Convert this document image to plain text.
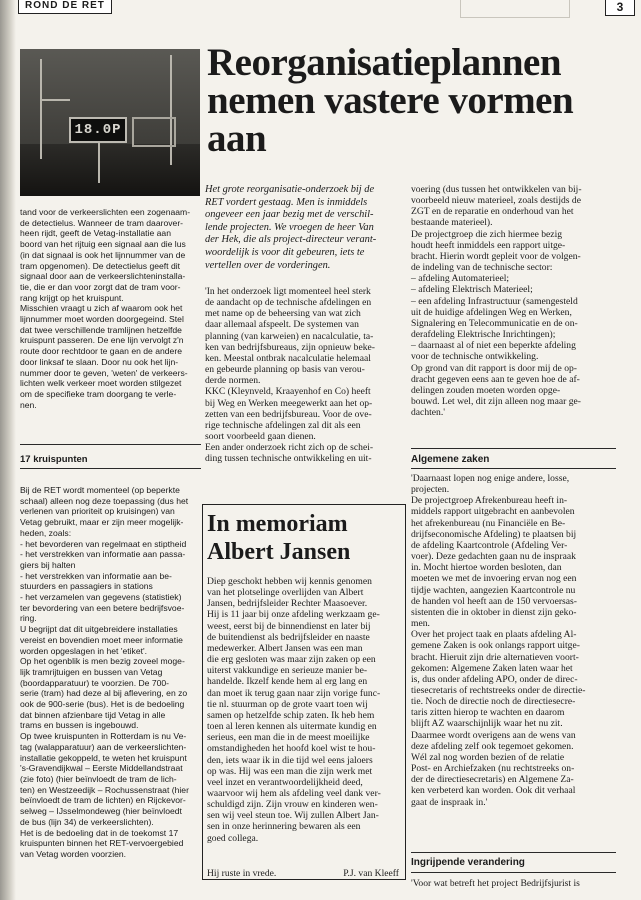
ROND DE RET	3
18.0P
Reorganisatieplannen nemen vastere vormen aan
tand voor de verkeerslichten een zogenaam-
de detectielus. Wanneer de tram daarover-
heen rijdt, geeft de Vetag-installatie aan
boord van het rijtuig een signaal aan die lus
(in dat signaal is ook het lijnnummer van de
tram opgenomen). De detectielus geeft dit
signaal door aan de verkeerslichteninstalla-
tie, die er dan voor zorgt dat de tram voor-
rang krijgt op het kruispunt.
Misschien vraagt u zich af waarom ook het
lijnnummer moet worden doorgegeind. Stel
dat twee verschillende tramlijnen hetzelfde
kruispunt passeren. De ene lijn vervolgt z'n
route door rechtdoor te gaan en de andere
door linksaf te slaan. Door nu ook het lijn-
nummer door te geven, 'weten' de verkeers-
lichten welk verkeer moet worden stilgezet
om de specifieke tram doorgang te verle-
nen.
17 kruispunten
Bij de RET wordt momenteel (op beperkte
schaal) alleen nog deze toepassing (dus het
verlenen van prioriteit op kruisingen) van
Vetag gebruikt, maar er zijn meer mogelijk-
heden, zoals:
- het bevorderen van regelmaat en stiptheid
- het verstrekken van informatie aan passa-
giers bij halten
- het verstrekken van informatie aan be-
stuurders en passagiers in stations
- het verzamelen van gegevens (statistiek)
ter bevordering van een betere bedrijfsvoe-
ring.
U begrijpt dat dit uitgebreidere installaties
vereist en bovendien moet meer informatie
worden opgeslagen in het 'etiket'.
Op het ogenblik is men bezig zoveel moge-
lijk tramrijtuigen en bussen van Vetag
(boordapparatuur) te voorzien. De 700-
serie (tram) had deze al bij aflevering, en zo
ook de 900-serie (bus). Het is de bedoeling
dat binnen afzienbare tijd Vetag in alle
trams en bussen is ingebouwd.
Op twee kruispunten in Rotterdam is nu Ve-
tag (walapparatuur) aan de verkeerslichten-
installatie gekoppeld, te weten het kruispunt
's-Gravendijkwal – Eerste Middellandstraat
(zie foto) (hier beïnvloedt de tram de lich-
ten) en Westzeedijk – Rochussenstraat (hier
beïnvloedt de tram de lichten) en Rijckevor-
selweg – IJsselmondeweg (hier beïnvloedt
de bus (lijn 34) de verkeerslichten).
Het is de bedoeling dat in de toekomst 17
kruispunten binnen het RET-vervoergebied
van Vetag worden voorzien.
Het grote reorganisatie-onderzoek bij de
RET vordert gestaag. Men is inmiddels
ongeveer een jaar bezig met de verschil-
lende projecten. We vroegen de heer Van
der Hek, die als project-directeur verant-
woordelijk is voor dit gebeuren, iets te
vertellen over de vorderingen.
'In het onderzoek ligt momenteel heel sterk
de aandacht op de technische afdelingen en
met name op de beheersing van wat zich
daar allemaal afspeelt. De systemen van
planning (van karweien) en nacalculatie, ta-
ken van bedrijfsbureaus, zijn opnieuw beke-
ken. Meestal ontbrak nacalculatie helemaal
en gebeurde planning op basis van verou-
derde normen.
KKC (Kleynveld, Kraayenhof en Co) heeft
bij Weg en Werken meegewerkt aan het op-
zetten van een bedrijfsbureau. Voor de ove-
rige technische afdelingen zal dit als een
soort voorbeeld gaan dienen.
Een ander onderzoek richt zich op de schei-
ding tussen technische ontwikkeling en uit-
voering (dus tussen het ontwikkelen van bij-
voorbeeld nieuw materieel, zoals destijds de
ZGT en de reparatie en onderhoud van het
bestaande materieel).
De projectgroep die zich hiermee bezig
houdt heeft inmiddels een rapport uitge-
bracht. Hierin wordt gepleit voor de volgen-
de indeling van de technische sector:
– afdeling Automaterieel;
– afdeling Elektrisch Materieel;
– een afdeling Infrastructuur (samengesteld
uit de huidige afdelingen Weg en Werken,
Signalering en Telecommunicatie en de on-
derafdeling Elektrische Inrichtingen);
– daarnaast al of niet een beperkte afdeling
voor de technische ontwikkeling.
Op grond van dit rapport is door mij de op-
dracht gegeven eens aan te geven hoe de af-
delingen zouden moeten worden opge-
bouwd. Let wel, dit zijn alleen nog maar ge-
dachten.'
Algemene zaken
'Daarnaast lopen nog enige andere, losse,
projecten.
De projectgroep Afrekenbureau heeft in-
middels rapport uitgebracht en aanbevolen
het afrekenbureau (nu Financiële en Be-
drijfseconomische Afdeling) te plaatsen bij
de afdeling Kaartcontrole (Afdeling Ver-
voer). Deze gedachten gaan nu de inspraak
in. Mocht hiertoe worden besloten, dan
moeten we met de invoering ervan nog een
tijdje wachten, aangezien Kaartcontrole nu
de handen vol heeft aan de 150 vervoersas-
sistenten die in oktober in dienst zijn geko-
men.
Over het project taak en plaats afdeling Al-
gemene Zaken is ook onlangs rapport uitge-
bracht. Hieruit zijn drie alternatieven voort-
gekomen: Algemene Zaken laten waar het
is, dus onder afdeling APO, onder de direc-
tiesecretaris of rechtstreeks onder de directie-
tie. Noch de directie noch de directiesecre-
taris zitten hierop te wachten en daarom
blijft AZ waarschijnlijk waar het nu zit.
Daarmee wordt overigens aan de wens van
deze afdeling zelf ook tegemoet gekomen.
Wél zal nog worden bezien of de relatie
Post- en Archiefzaken (nu rechtstreeks on-
der de directiesecretaris) en Algemene Za-
ken verbeterd kan worden. Ook dit verhaal
gaat de inspraak in.'
Ingrijpende verandering
'Voor wat betreft het project Bedrijfsjurist is
In memoriam Albert Jansen
Diep geschokt hebben wij kennis genomen
van het plotselinge overlijden van Albert
Jansen, bedrijfsleider Rechter Maasoever.
Hij is 11 jaar bij onze afdeling werkzaam ge-
weest, eerst bij de binnendienst en later bij
de buitendienst als bedrijfsleider en naaste
medewerker. Albert Jansen was een man
die erg gesloten was maar zijn zaken op een
uiterst vakkundige en serieuze manier be-
handelde. Ikzelf kende hem al erg lang en
dan moet ik terug gaan naar zijn vorige func-
tie nl. stuurman op de grote vaart toen wij
samen op hetzelfde schip zaten. Ik heb hem
toen al leren kennen als uitermate kundig en
serieus, een man die in de meest moeilijke
omstandigheden het hoofd koel wist te hou-
den, iets waar ik in die tijd wel eens jaloers
op was. Hij was een man die zijn werk met
veel inzet en verantwoordelijkheid deed,
waarvoor wij hem als afdeling veel dank ver-
schuldigd zijn. Zijn vrouw en kinderen wen-
sen wij veel steun toe. Wij zullen Albert Jan-
sen in onze herinnering bewaren als een
goed collega.
Hij ruste in vrede.	P.J. van Kleeff
